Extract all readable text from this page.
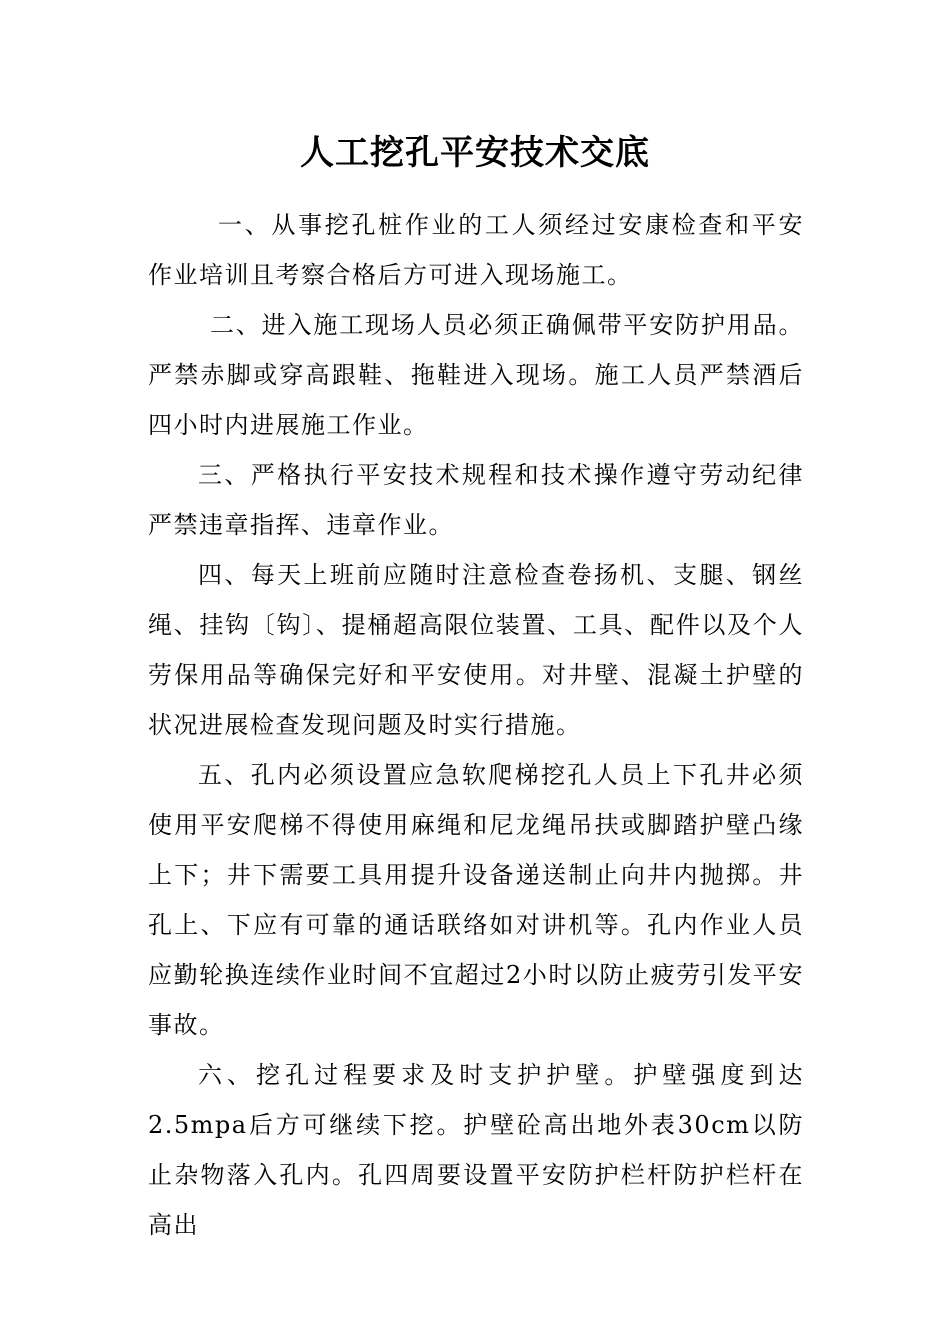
人工挖孔平安技术交底

一、从事挖孔桩作业的工人须经过安康检查和平安作业培训且考察合格后方可进入现场施工。

二、进入施工现场人员必须正确佩带平安防护用品。严禁赤脚或穿高跟鞋、拖鞋进入现场。施工人员严禁酒后四小时内进展施工作业。

三、严格执行平安技术规程和技术操作遵守劳动纪律严禁违章指挥、违章作业。

四、每天上班前应随时注意检查卷扬机、支腿、钢丝绳、挂钩〔钩〕、提桶超高限位装置、工具、配件以及个人劳保用品等确保完好和平安使用。对井壁、混凝土护壁的状况进展检查发现问题及时实行措施。

五、孔内必须设置应急软爬梯挖孔人员上下孔井必须使用平安爬梯不得使用麻绳和尼龙绳吊扶或脚踏护壁凸缘上下；井下需要工具用提升设备递送制止向井内抛掷。井孔上、下应有可靠的通话联络如对讲机等。孔内作业人员应勤轮换连续作业时间不宜超过2小时以防止疲劳引发平安事故。

六、挖孔过程要求及时支护护壁。护壁强度到达2.5mpa后方可继续下挖。护壁砼高出地外表30cm以防止杂物落入孔内。孔四周要设置平安防护栏杆防护栏杆在高出
